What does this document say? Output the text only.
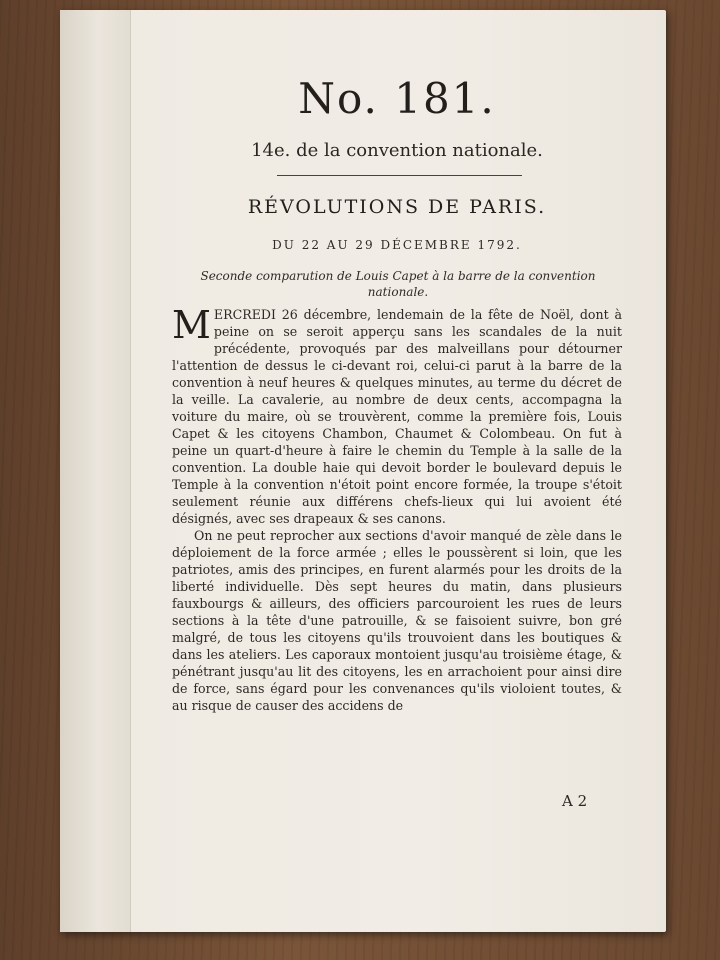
No. 181.
14e. de la convention nationale.
RÉVOLUTIONS DE PARIS.
DU 22 AU 29 DÉCEMBRE 1792.
Seconde comparution de Louis Capet à la barre de la convention nationale.

MERCREDI 26 décembre, lendemain de la fête de Noël, dont à peine on se seroit apperçu sans les scandales de la nuit précédente, provoqués par des malveillans pour détourner l'attention de dessus le ci-devant roi, celui-ci parut à la barre de la convention à neuf heures & quelques minutes, au terme du décret de la veille. La cavalerie, au nombre de deux cents, accompagna la voiture du maire, où se trouvèrent, comme la première fois, Louis Capet & les citoyens Chambon, Chaumet & Colombeau. On fut à peine un quart-d'heure à faire le chemin du Temple à la salle de la convention. La double haie qui devoit border le boulevard depuis le Temple à la convention n'étoit point encore formée, la troupe s'étoit seulement réunie aux différens chefs-lieux qui lui avoient été désignés, avec ses drapeaux & ses canons.

On ne peut reprocher aux sections d'avoir manqué de zèle dans le déploiement de la force armée ; elles le poussèrent si loin, que les patriotes, amis des principes, en furent alarmés pour les droits de la liberté individuelle. Dès sept heures du matin, dans plusieurs fauxbourgs & ailleurs, des officiers parcouroient les rues de leurs sections à la tête d'une patrouille, & se faisoient suivre, bon gré malgré, de tous les citoyens qu'ils trouvoient dans les boutiques & dans les ateliers. Les caporaux montoient jusqu'au troisième étage, & pénétrant jusqu'au lit des citoyens, les en arrachoient pour ainsi dire de force, sans égard pour les convenances qu'ils violoient toutes, & au risque de causer des accidens de

A 2
